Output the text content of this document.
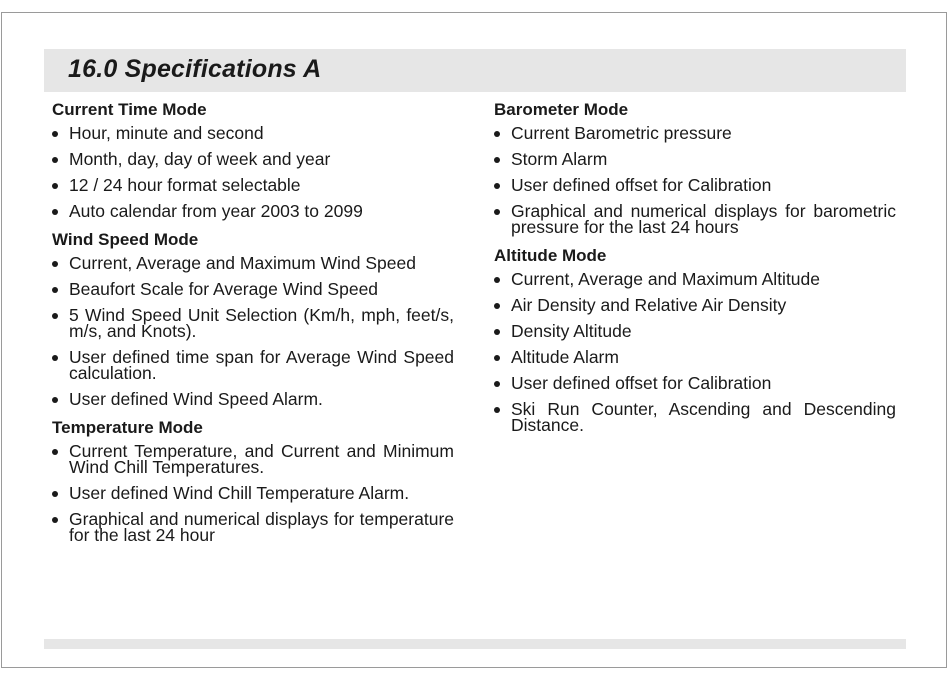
16.0 Specifications A
Current Time Mode
Hour, minute and second
Month, day, day of week and year
12 / 24 hour format selectable
Auto calendar from year 2003 to 2099
Wind Speed Mode
Current, Average and Maximum Wind Speed
Beaufort Scale for Average Wind Speed
5 Wind Speed Unit Selection (Km/h, mph, feet/s, m/s, and Knots).
User defined time span for Average Wind Speed calculation.
User defined Wind Speed Alarm.
Temperature Mode
Current Temperature, and Current and Minimum Wind Chill Temperatures.
User defined Wind Chill Temperature Alarm.
Graphical and numerical displays for temperature for the last 24 hour
Barometer Mode
Current Barometric pressure
Storm Alarm
User defined offset for Calibration
Graphical and numerical displays for barometric pressure for the last 24 hours
Altitude Mode
Current, Average and Maximum Altitude
Air Density and Relative Air Density
Density Altitude
Altitude Alarm
User defined offset for Calibration
Ski Run Counter, Ascending and Descending Distance.
